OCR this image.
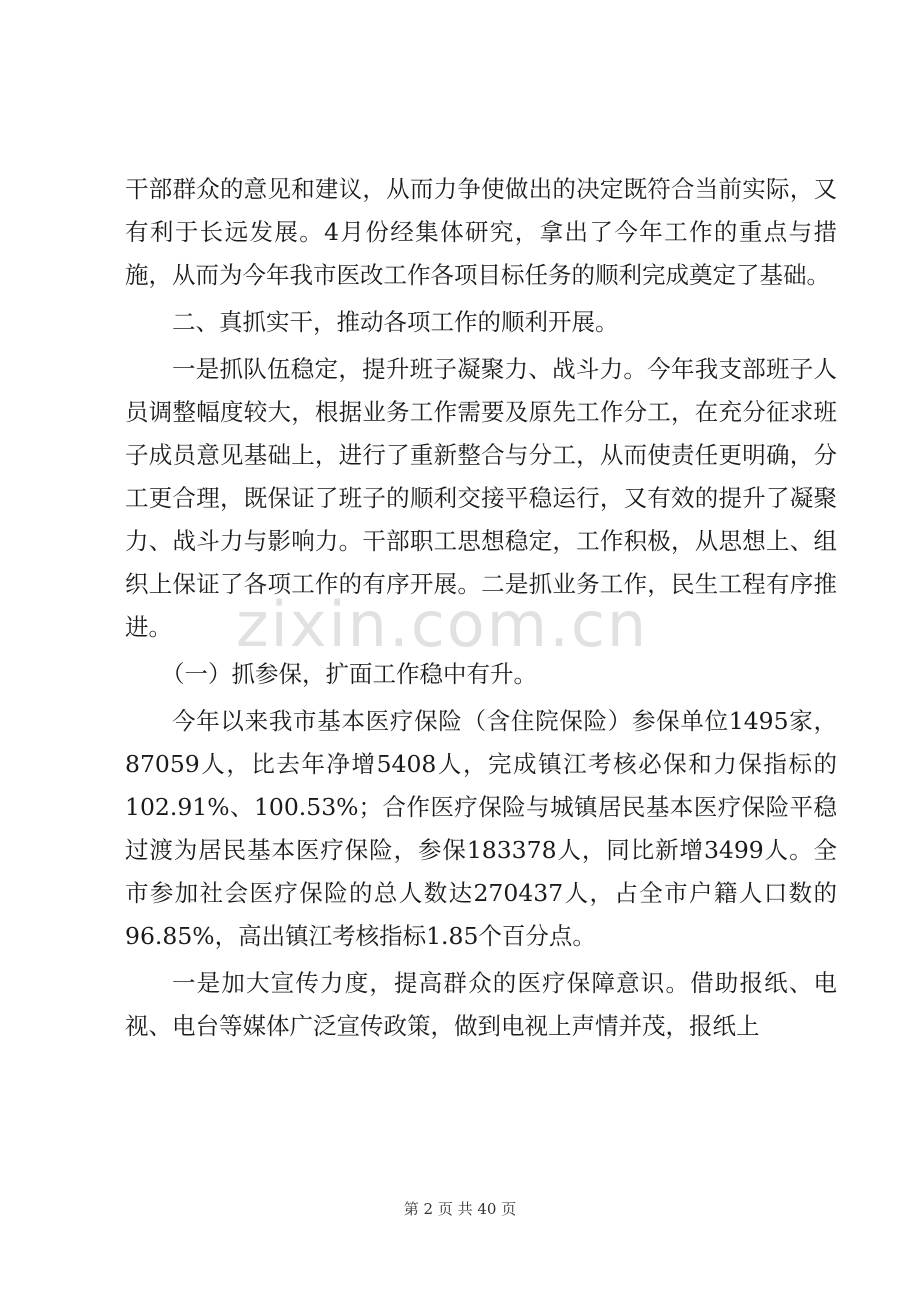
干部群众的意见和建议，从而力争使做出的决定既符合当前实际，又有利于长远发展。4月份经集体研究，拿出了今年工作的重点与措施，从而为今年我市医改工作各项目标任务的顺利完成奠定了基础。

二、真抓实干，推动各项工作的顺利开展。

一是抓队伍稳定，提升班子凝聚力、战斗力。今年我支部班子人员调整幅度较大，根据业务工作需要及原先工作分工，在充分征求班子成员意见基础上，进行了重新整合与分工，从而使责任更明确，分工更合理，既保证了班子的顺利交接平稳运行，又有效的提升了凝聚力、战斗力与影响力。干部职工思想稳定，工作积极，从思想上、组织上保证了各项工作的有序开展。二是抓业务工作，民生工程有序推进。

（一）抓参保，扩面工作稳中有升。

今年以来我市基本医疗保险（含住院保险）参保单位1495家，87059人，比去年净增5408人，完成镇江考核必保和力保指标的102.91%、100.53%；合作医疗保险与城镇居民基本医疗保险平稳过渡为居民基本医疗保险，参保183378人，同比新增3499人。全市参加社会医疗保险的总人数达270437人，占全市户籍人口数的96.85%，高出镇江考核指标1.85个百分点。

一是加大宣传力度，提高群众的医疗保障意识。借助报纸、电视、电台等媒体广泛宣传政策，做到电视上声情并茂，报纸上

zixin.com.cn
第 2 页 共 40 页
